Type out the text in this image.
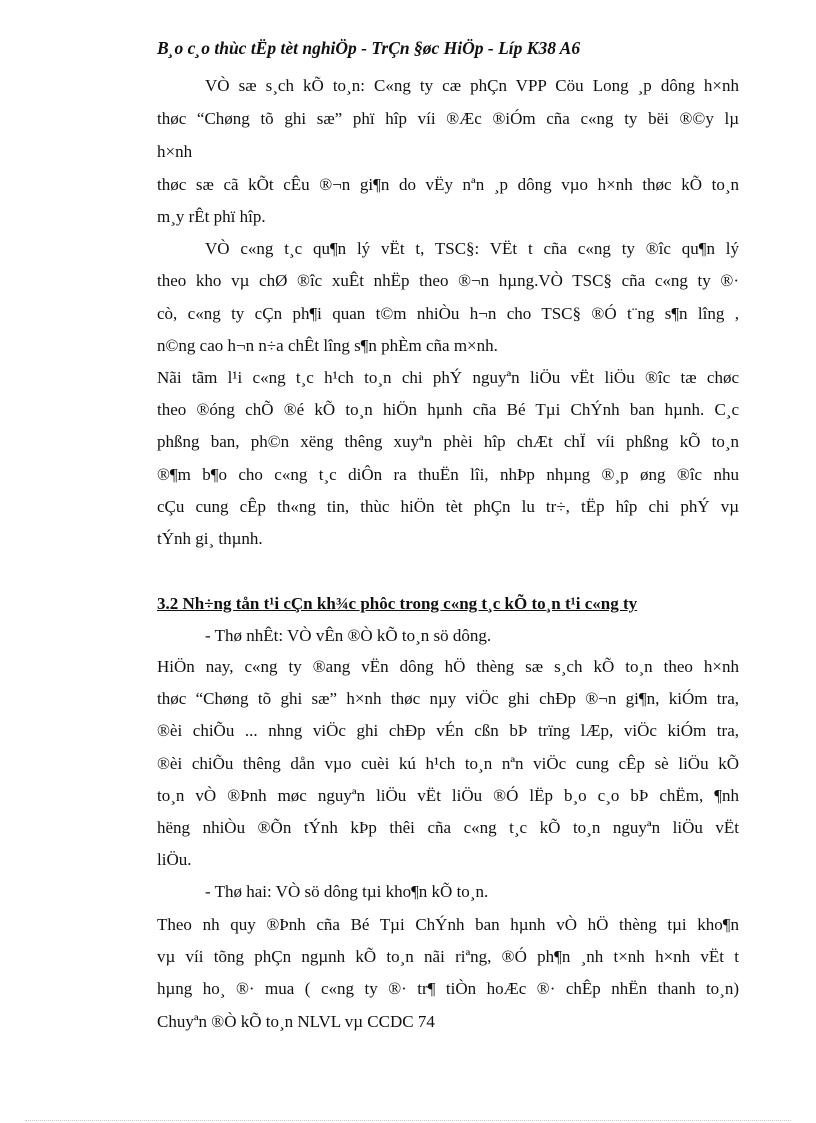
B¸o c¸o thùc tËp tèt nghiÖp - TrÇn §øc HiÖp - Líp K38 A6
VÒ sæ s¸ch kÕ to¸n: C«ng ty cæ phÇn VPP Cöu Long ¸p dông h×nh
thøc “Chøng tõ ghi sæ” phï hîp víi ®Æc ®iÓm cña c«ng ty bëi ®©y lµ
h×nh
thøc sæ cã kÕt cÊu ®¬n gi¶n do vËy nªn ¸p dông vµo h×nh thøc kÕ to¸n
m¸y rÊt phï hîp.
VÒ c«ng t¸c qu¶n lý vËt t, TSC§: VËt t cña c«ng ty ®îc qu¶n lý
theo kho vµ chØ ®îc xuÊt nhËp theo ®¬n hµng.VÒ TSC§ cña c«ng ty ®·
cò, c«ng ty cÇn ph¶i quan t©m nhiÒu h¬n cho TSC§ ®Ó t¨ng s¶n lîng ,
n©ng cao h¬n n÷a chÊt lîng s¶n phÈm cña m×nh.
Nãi tãm l¹i c«ng t¸c h¹ch to¸n chi phÝ nguyªn liÖu vËt liÖu ®îc tæ chøc
theo ®óng chÕ ®é kÕ to¸n hiÖn hµnh cña Bé Tµi ChÝnh ban hµnh. C¸c
phßng ban, ph©n xëng thêng xuyªn phèi hîp chÆt chÏ víi phßng kÕ to¸n
®¶m b¶o cho c«ng t¸c diÔn ra thuËn lîi, nhÞp nhµng ®¸p øng ®îc nhu
cÇu cung cÊp th«ng tin, thùc hiÖn tèt phÇn lu tr÷, tËp hîp chi phÝ vµ
tÝnh gi¸ thµnh.
3.2 Nh÷ng tån t¹i cÇn kh¾c phôc trong c«ng t¸c kÕ to¸n t¹i c«ng ty
- Thø nhÊt: VÒ vÊn ®Ò kÕ to¸n sö dông.
HiÖn nay, c«ng ty ®ang vËn dông hÖ thèng sæ s¸ch kÕ to¸n theo h×nh
thøc “Chøng tõ ghi sæ” h×nh thøc nµy viÖc ghi chÐp ®¬n gi¶n, kiÓm tra,
®èi chiÕu ... nhng viÖc ghi chÐp vÉn cßn bÞ trïng lÆp, viÖc kiÓm tra,
®èi chiÕu thêng dån vµo cuèi kú h¹ch to¸n nªn viÖc cung cÊp sè liÖu kÕ
to¸n vÒ ®Þnh møc nguyªn liÖu vËt liÖu ®Ó lËp b¸o c¸o bÞ chËm, ¶nh
hëng nhiÒu ®Õn tÝnh kÞp thêi cña c«ng t¸c kÕ to¸n nguyªn liÖu vËt
liÖu.
- Thø hai: VÒ sö dông tµi kho¶n kÕ to¸n.
Theo nh quy ®Þnh cña Bé Tµi ChÝnh ban hµnh vÒ hÖ thèng tµi kho¶n
vµ víi tõng phÇn ngµnh kÕ to¸n nãi riªng, ®Ó ph¶n ¸nh t×nh h×nh vËt t
hµng ho¸ ®· mua ( c«ng ty ®· tr¶ tiÒn hoÆc ®· chÊp nhËn thanh to¸n)
Chuyªn ®Ò kÕ to¸n NLVL vµ CCDC 74
